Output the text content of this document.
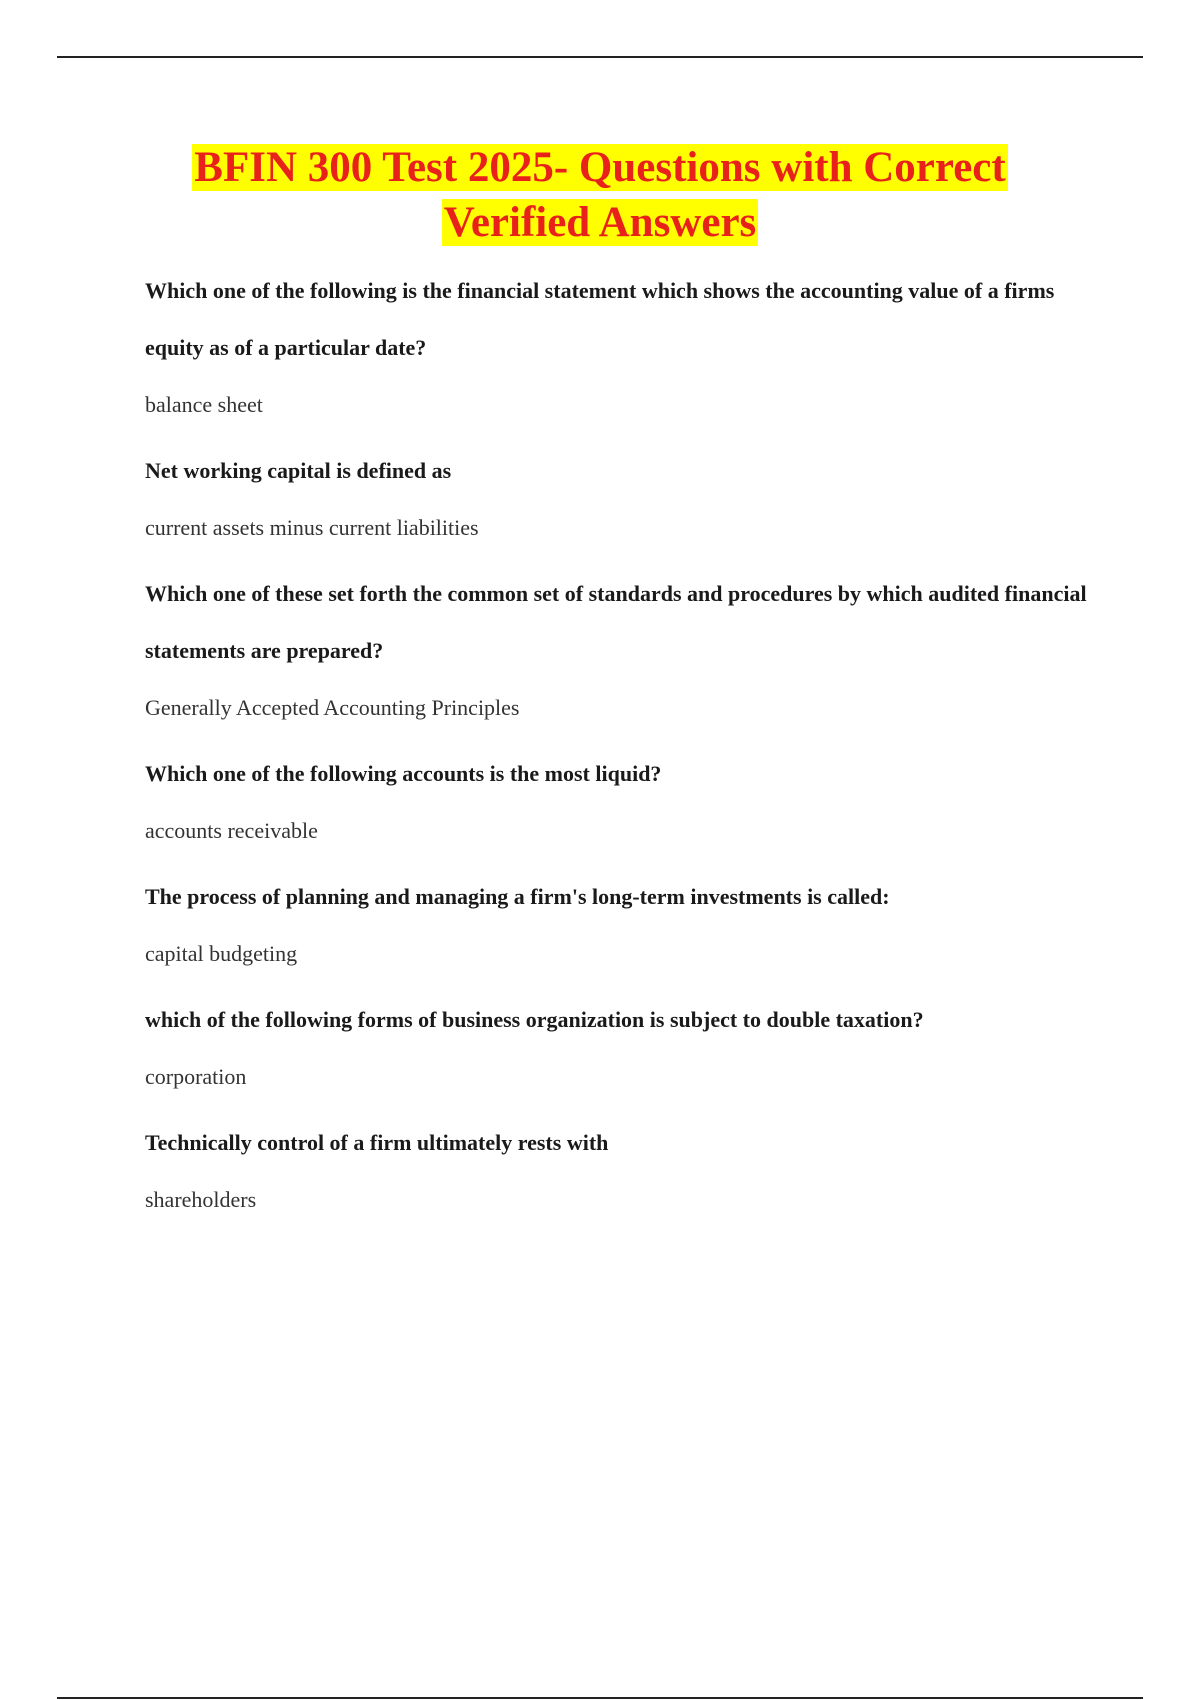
BFIN 300 Test 2025- Questions with Correct
Verified Answers

Which one of the following is the financial statement which shows the accounting value of a firms equity as of a particular date?

balance sheet

Net working capital is defined as

current assets minus current liabilities

Which one of these set forth the common set of standards and procedures by which audited financial statements are prepared?

Generally Accepted Accounting Principles

Which one of the following accounts is the most liquid?

accounts receivable

The process of planning and managing a firm's long-term investments is called:

capital budgeting

which of the following forms of business organization is subject to double taxation?

corporation

Technically control of a firm ultimately rests with

shareholders
